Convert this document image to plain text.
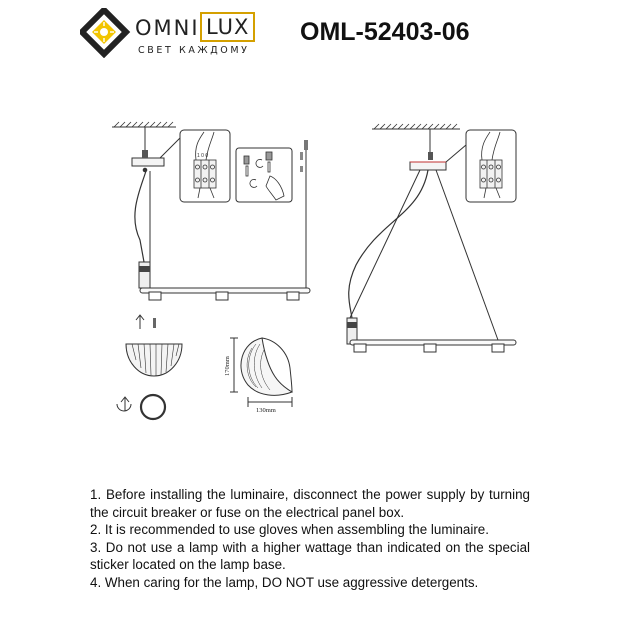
OMNI LUX
СВЕТ КАЖДОМУ
OML-52403-06
1 0 0
170mm
130mm

1. Before installing the luminaire, disconnect the power supply by turning the circuit breaker or fuse on the electrical panel box.

2. It is recommended to use gloves when assembling the luminaire.

3. Do not use a lamp with a higher wattage than indicated on the special sticker located on the lamp base.

4. When caring for the lamp, DO NOT use aggressive detergents.
